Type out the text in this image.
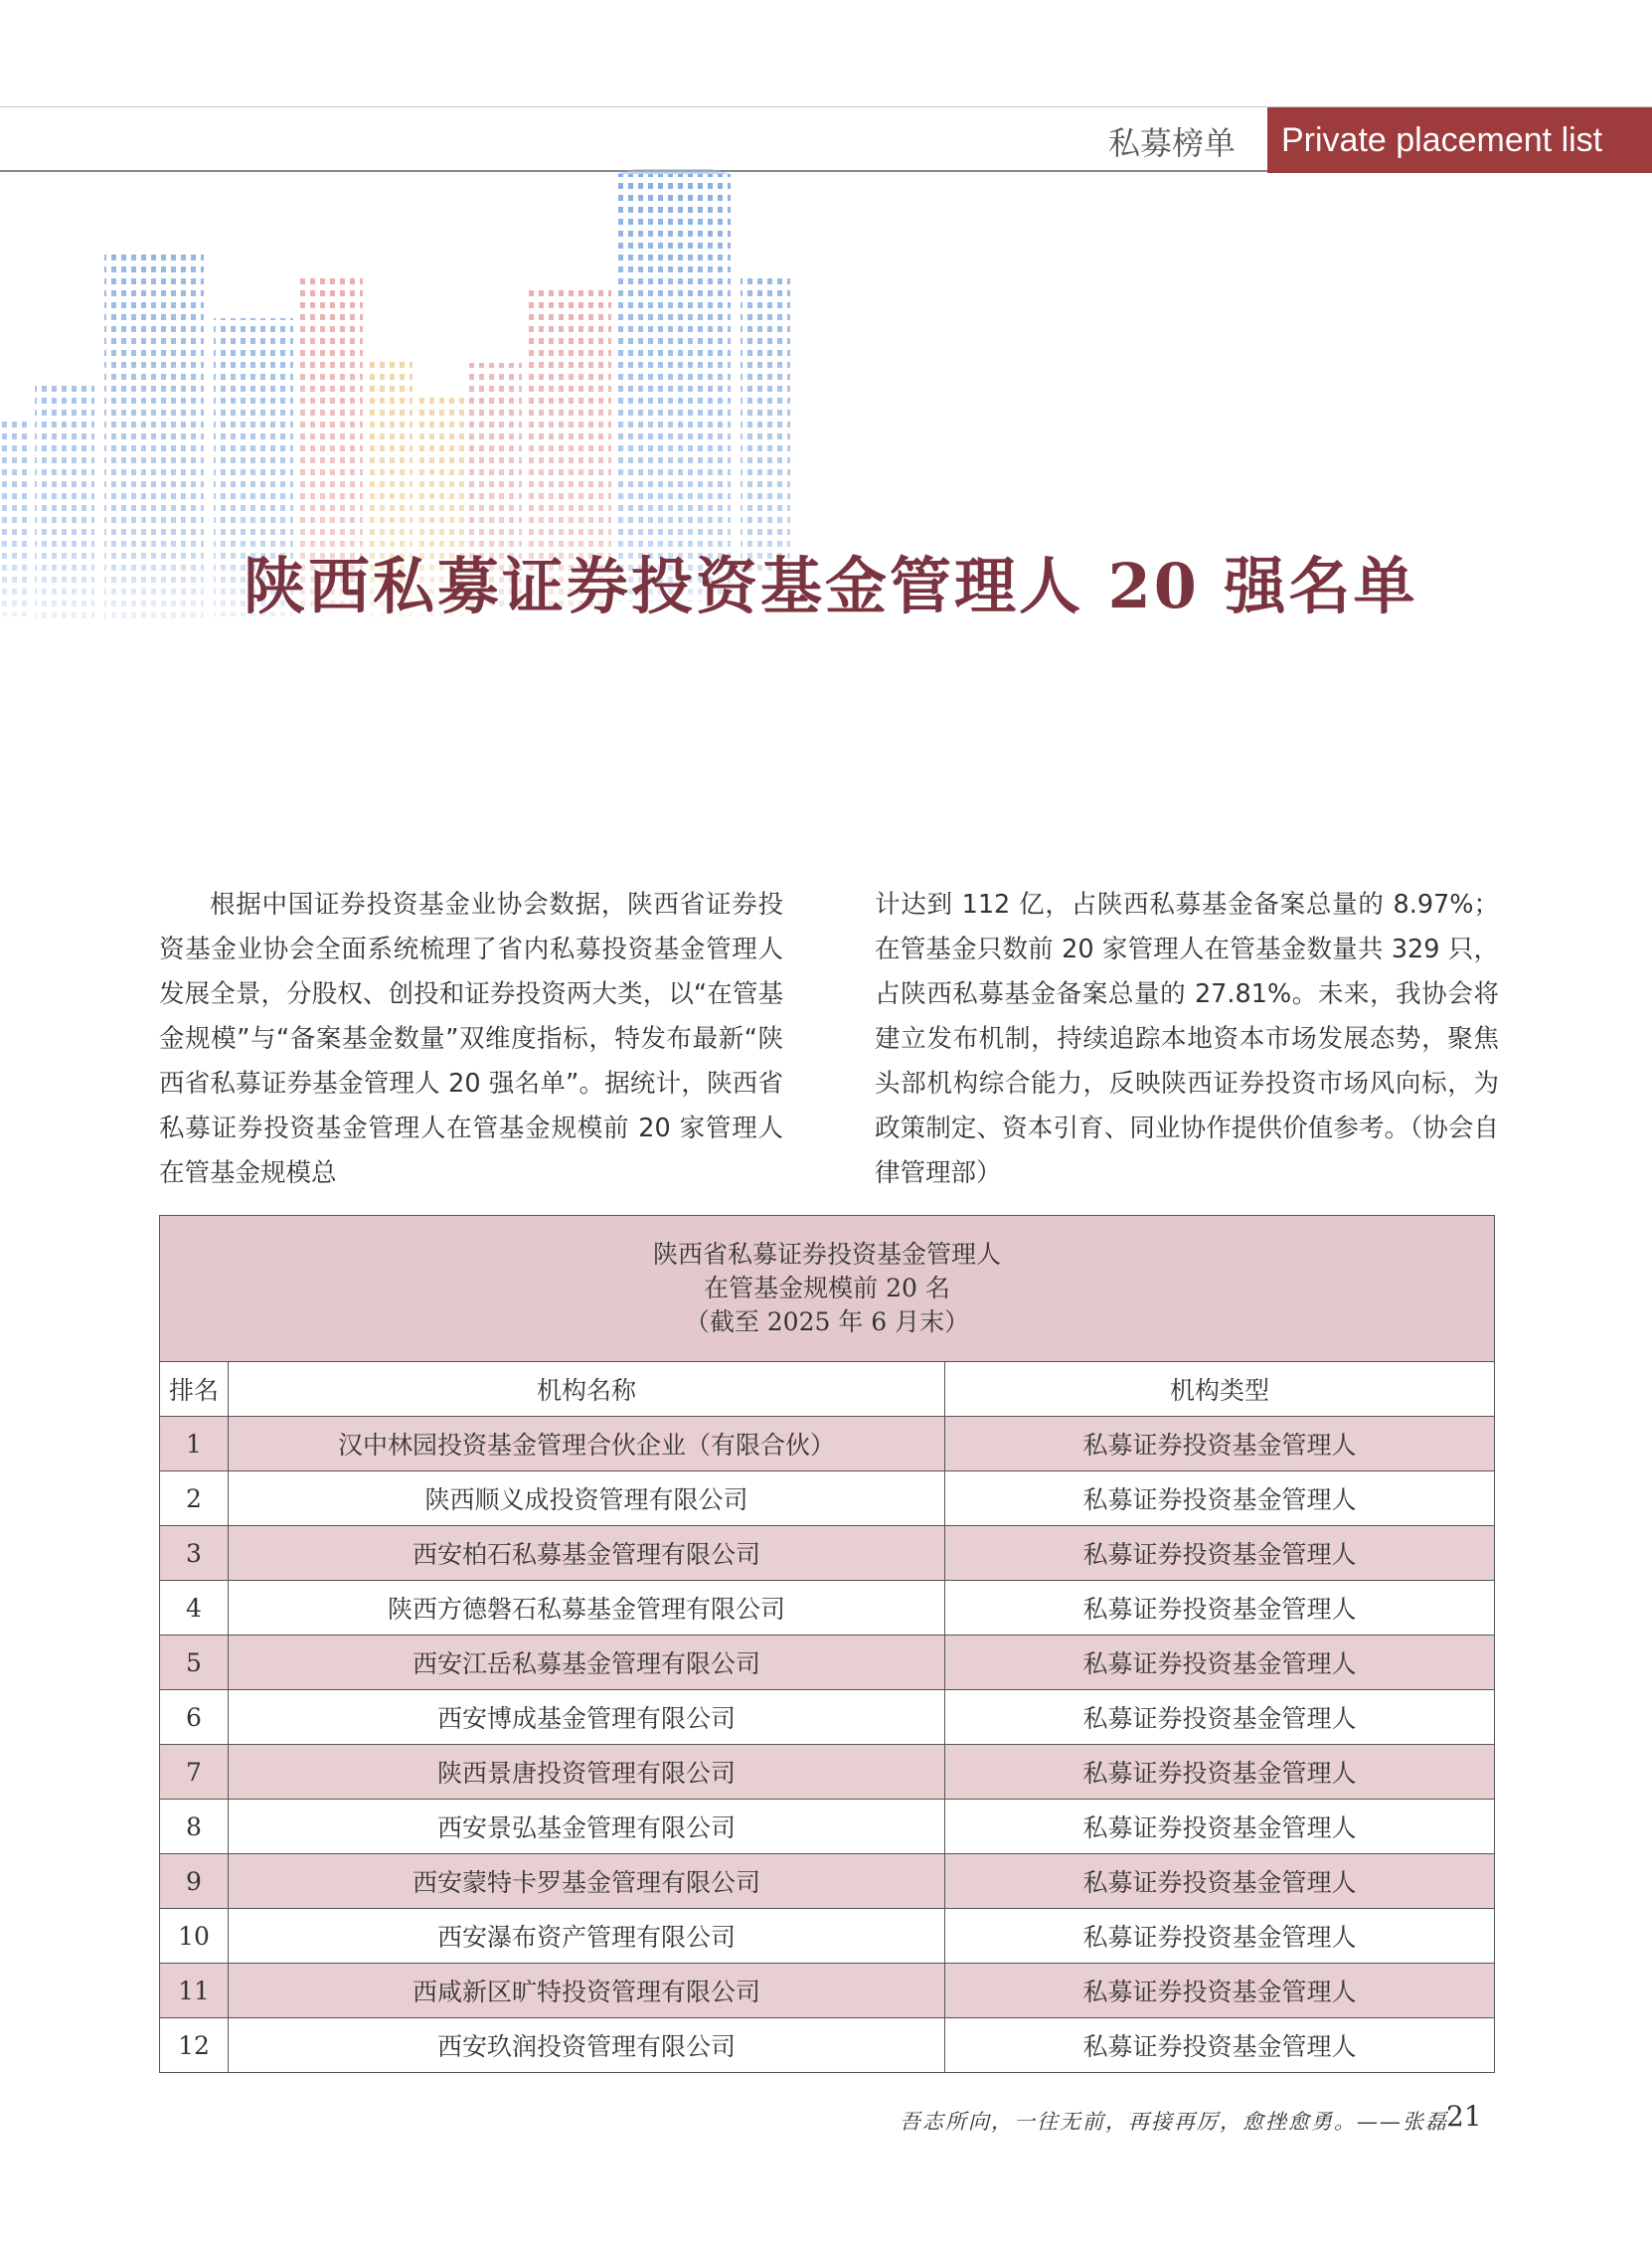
私募榜单	Private placement list
陕西私募证券投资基金管理人 20 强名单

根据中国证券投资基金业协会数据，陕西省证券投资基金业协会全面系统梳理了省内私募投资基金管理人发展全景，分股权、创投和证券投资两大类，以“在管基金规模”与“备案基金数量”双维度指标，特发布最新“陕西省私募证券基金管理人 20 强名单”。据统计，陕西省私募证券投资基金管理人在管基金规模前 20 家管理人在管基金规模总

计达到 112 亿，占陕西私募基金备案总量的 8.97%；在管基金只数前 20 家管理人在管基金数量共 329 只，占陕西私募基金备案总量的 27.81%。未来，我协会将建立发布机制，持续追踪本地资本市场发展态势，聚焦头部机构综合能力，反映陕西证券投资市场风向标，为政策制定、资本引育、同业协作提供价值参考。（协会自律管理部）

陕西省私募证券投资基金管理人
在管基金规模前 20 名
（截至 2025 年 6 月末）		

排名	机构名称	机构类型
1	汉中林园投资基金管理合伙企业（有限合伙）	私募证券投资基金管理人
2	陕西顺义成投资管理有限公司	私募证券投资基金管理人
3	西安柏石私募基金管理有限公司	私募证券投资基金管理人
4	陕西方德磐石私募基金管理有限公司	私募证券投资基金管理人
5	西安江岳私募基金管理有限公司	私募证券投资基金管理人
6	西安博成基金管理有限公司	私募证券投资基金管理人
7	陕西景唐投资管理有限公司	私募证券投资基金管理人
8	西安景弘基金管理有限公司	私募证券投资基金管理人
9	西安蒙特卡罗基金管理有限公司	私募证券投资基金管理人
10	西安瀑布资产管理有限公司	私募证券投资基金管理人
11	西咸新区旷特投资管理有限公司	私募证券投资基金管理人
12	西安玖润投资管理有限公司	私募证券投资基金管理人
吾志所向，一往无前，再接再厉，愈挫愈勇。——张磊
21
